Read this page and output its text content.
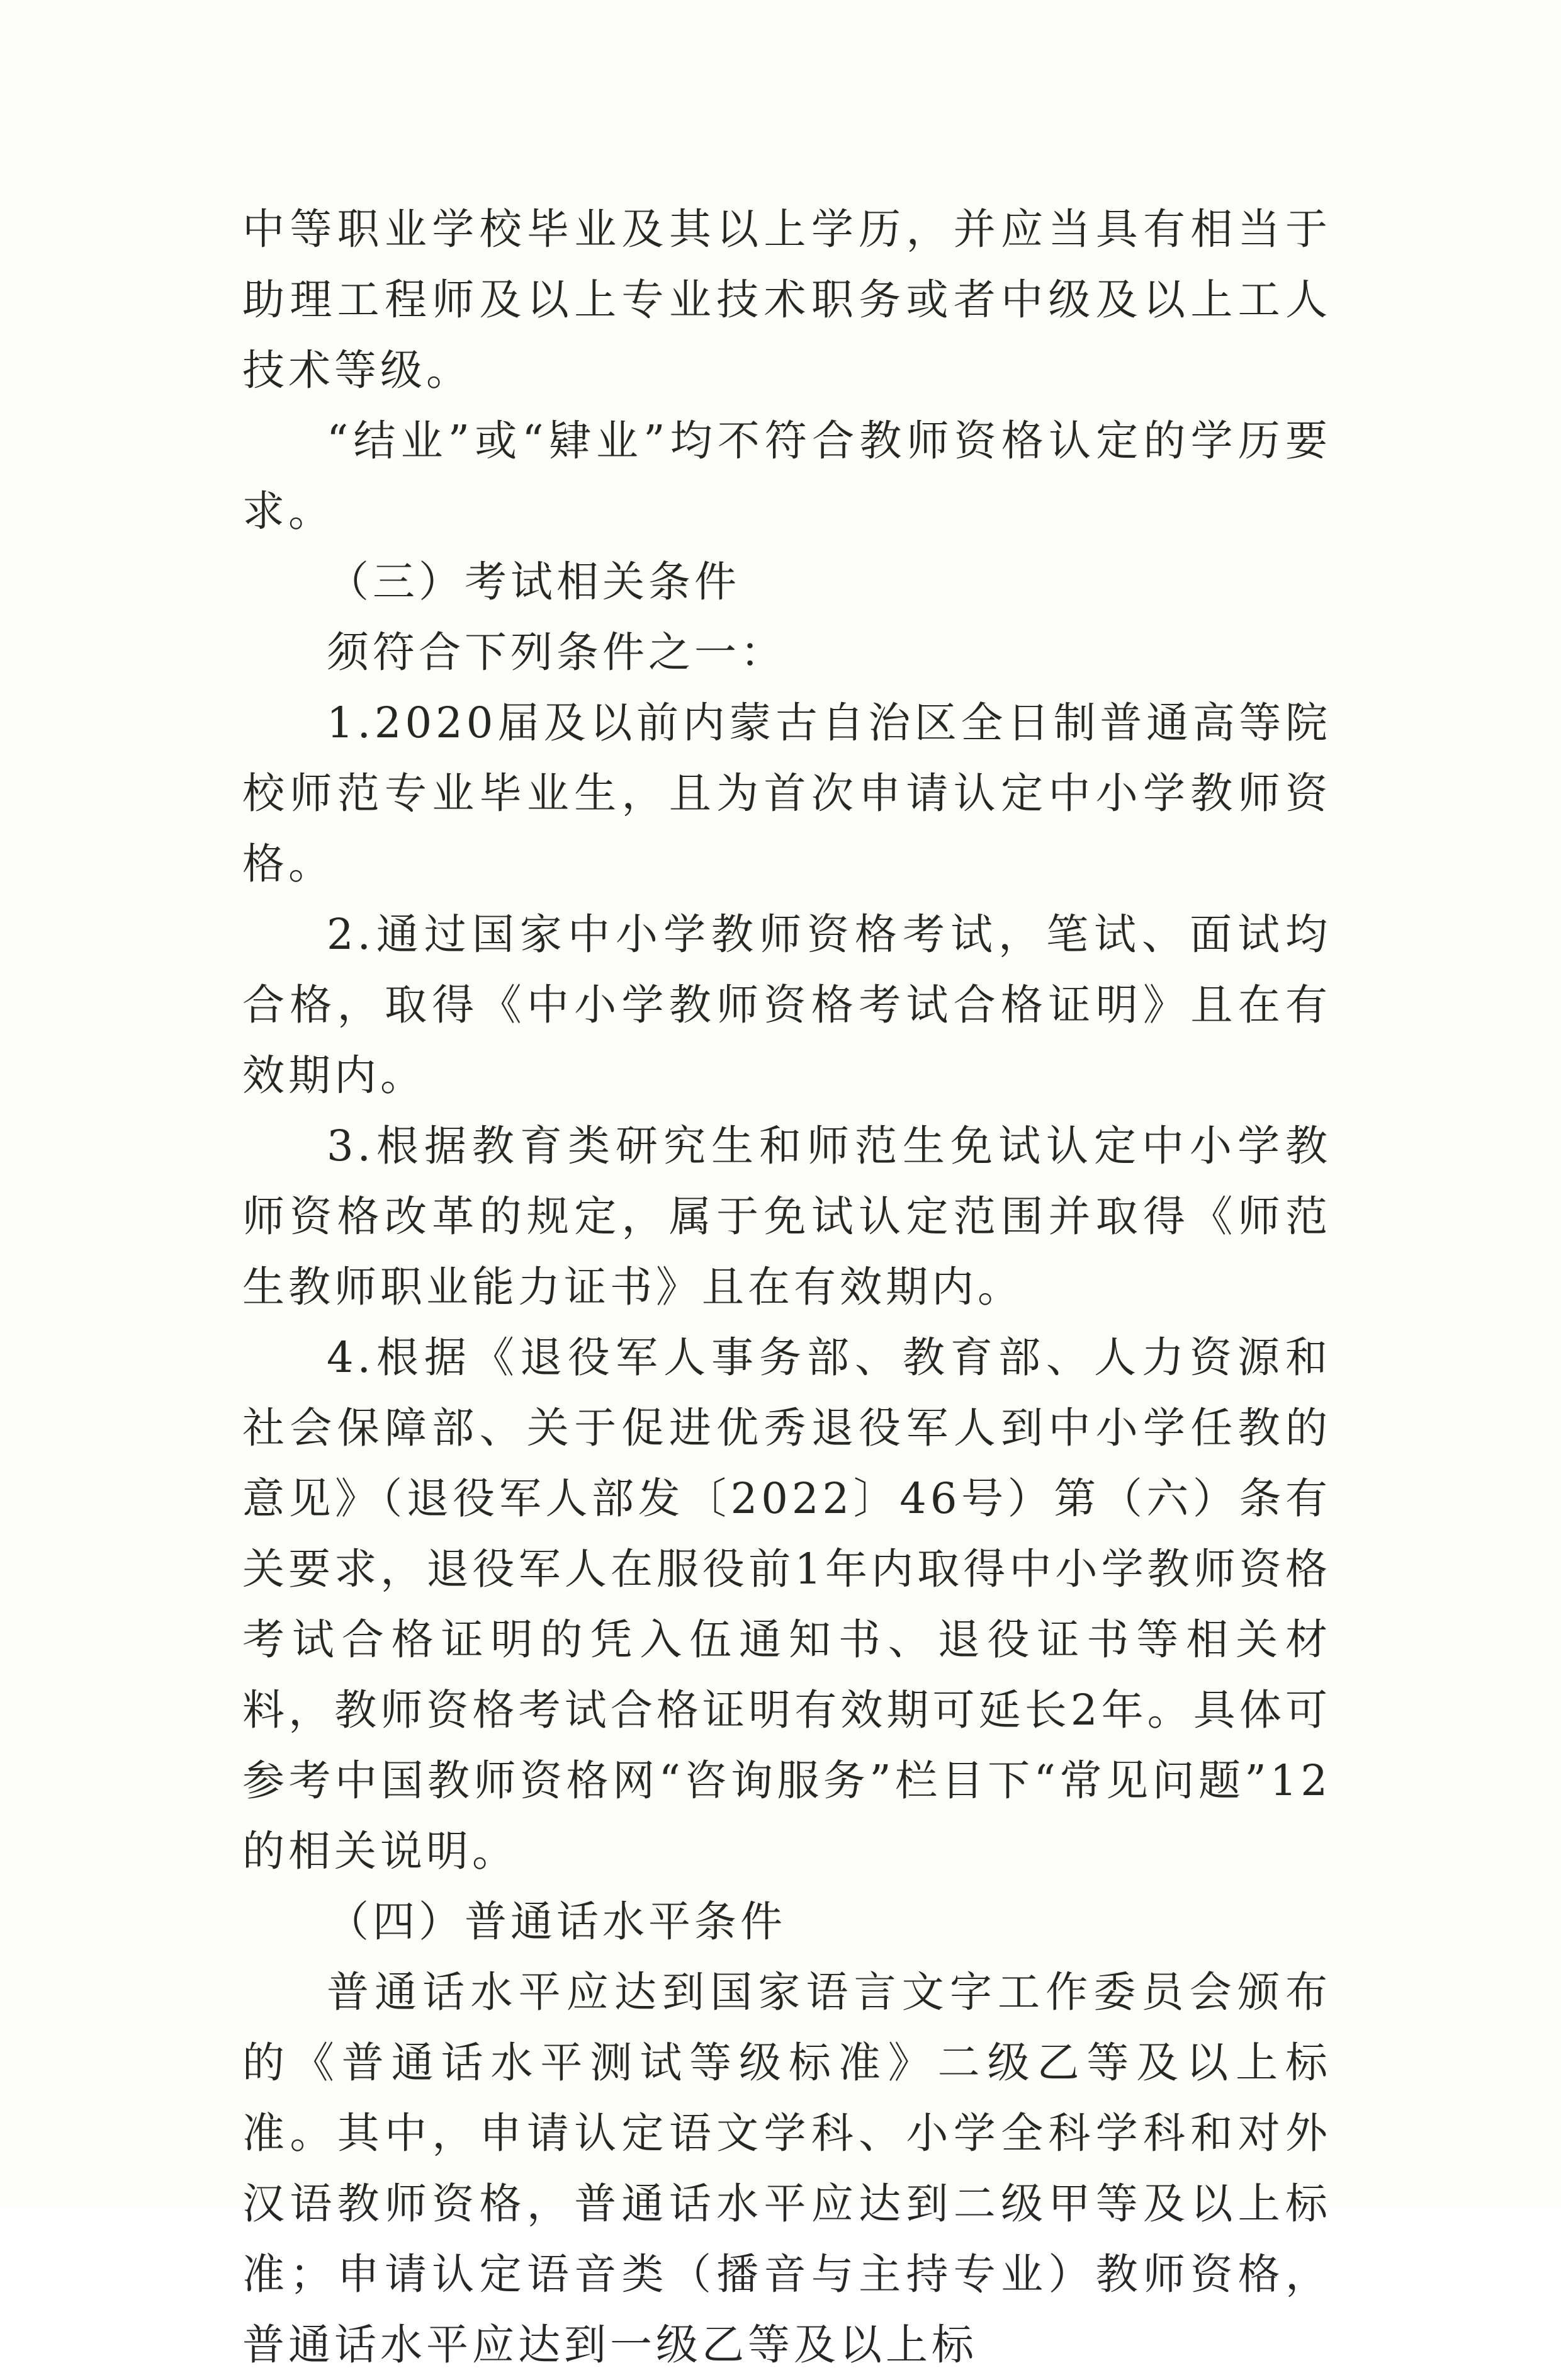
中等职业学校毕业及其以上学历，并应当具有相当于助理工程师及以上专业技术职务或者中级及以上工人技术等级。

“结业”或“肄业”均不符合教师资格认定的学历要求。

（三）考试相关条件

须符合下列条件之一：

1.2020届及以前内蒙古自治区全日制普通高等院校师范专业毕业生，且为首次申请认定中小学教师资格。

2.通过国家中小学教师资格考试，笔试、面试均合格，取得《中小学教师资格考试合格证明》且在有效期内。

3.根据教育类研究生和师范生免试认定中小学教师资格改革的规定，属于免试认定范围并取得《师范生教师职业能力证书》且在有效期内。

4.根据《退役军人事务部、教育部、人力资源和社会保障部、关于促进优秀退役军人到中小学任教的意见》（退役军人部发〔2022〕46号）第（六）条有关要求，退役军人在服役前1年内取得中小学教师资格考试合格证明的凭入伍通知书、退役证书等相关材料，教师资格考试合格证明有效期可延长2年。具体可参考中国教师资格网“咨询服务”栏目下“常见问题”12的相关说明。

（四）普通话水平条件

普通话水平应达到国家语言文字工作委员会颁布的《普通话水平测试等级标准》二级乙等及以上标准。其中，申请认定语文学科、小学全科学科和对外汉语教师资格，普通话水平应达到二级甲等及以上标准；申请认定语音类（播音与主持专业）教师资格，普通话水平应达到一级乙等及以上标
